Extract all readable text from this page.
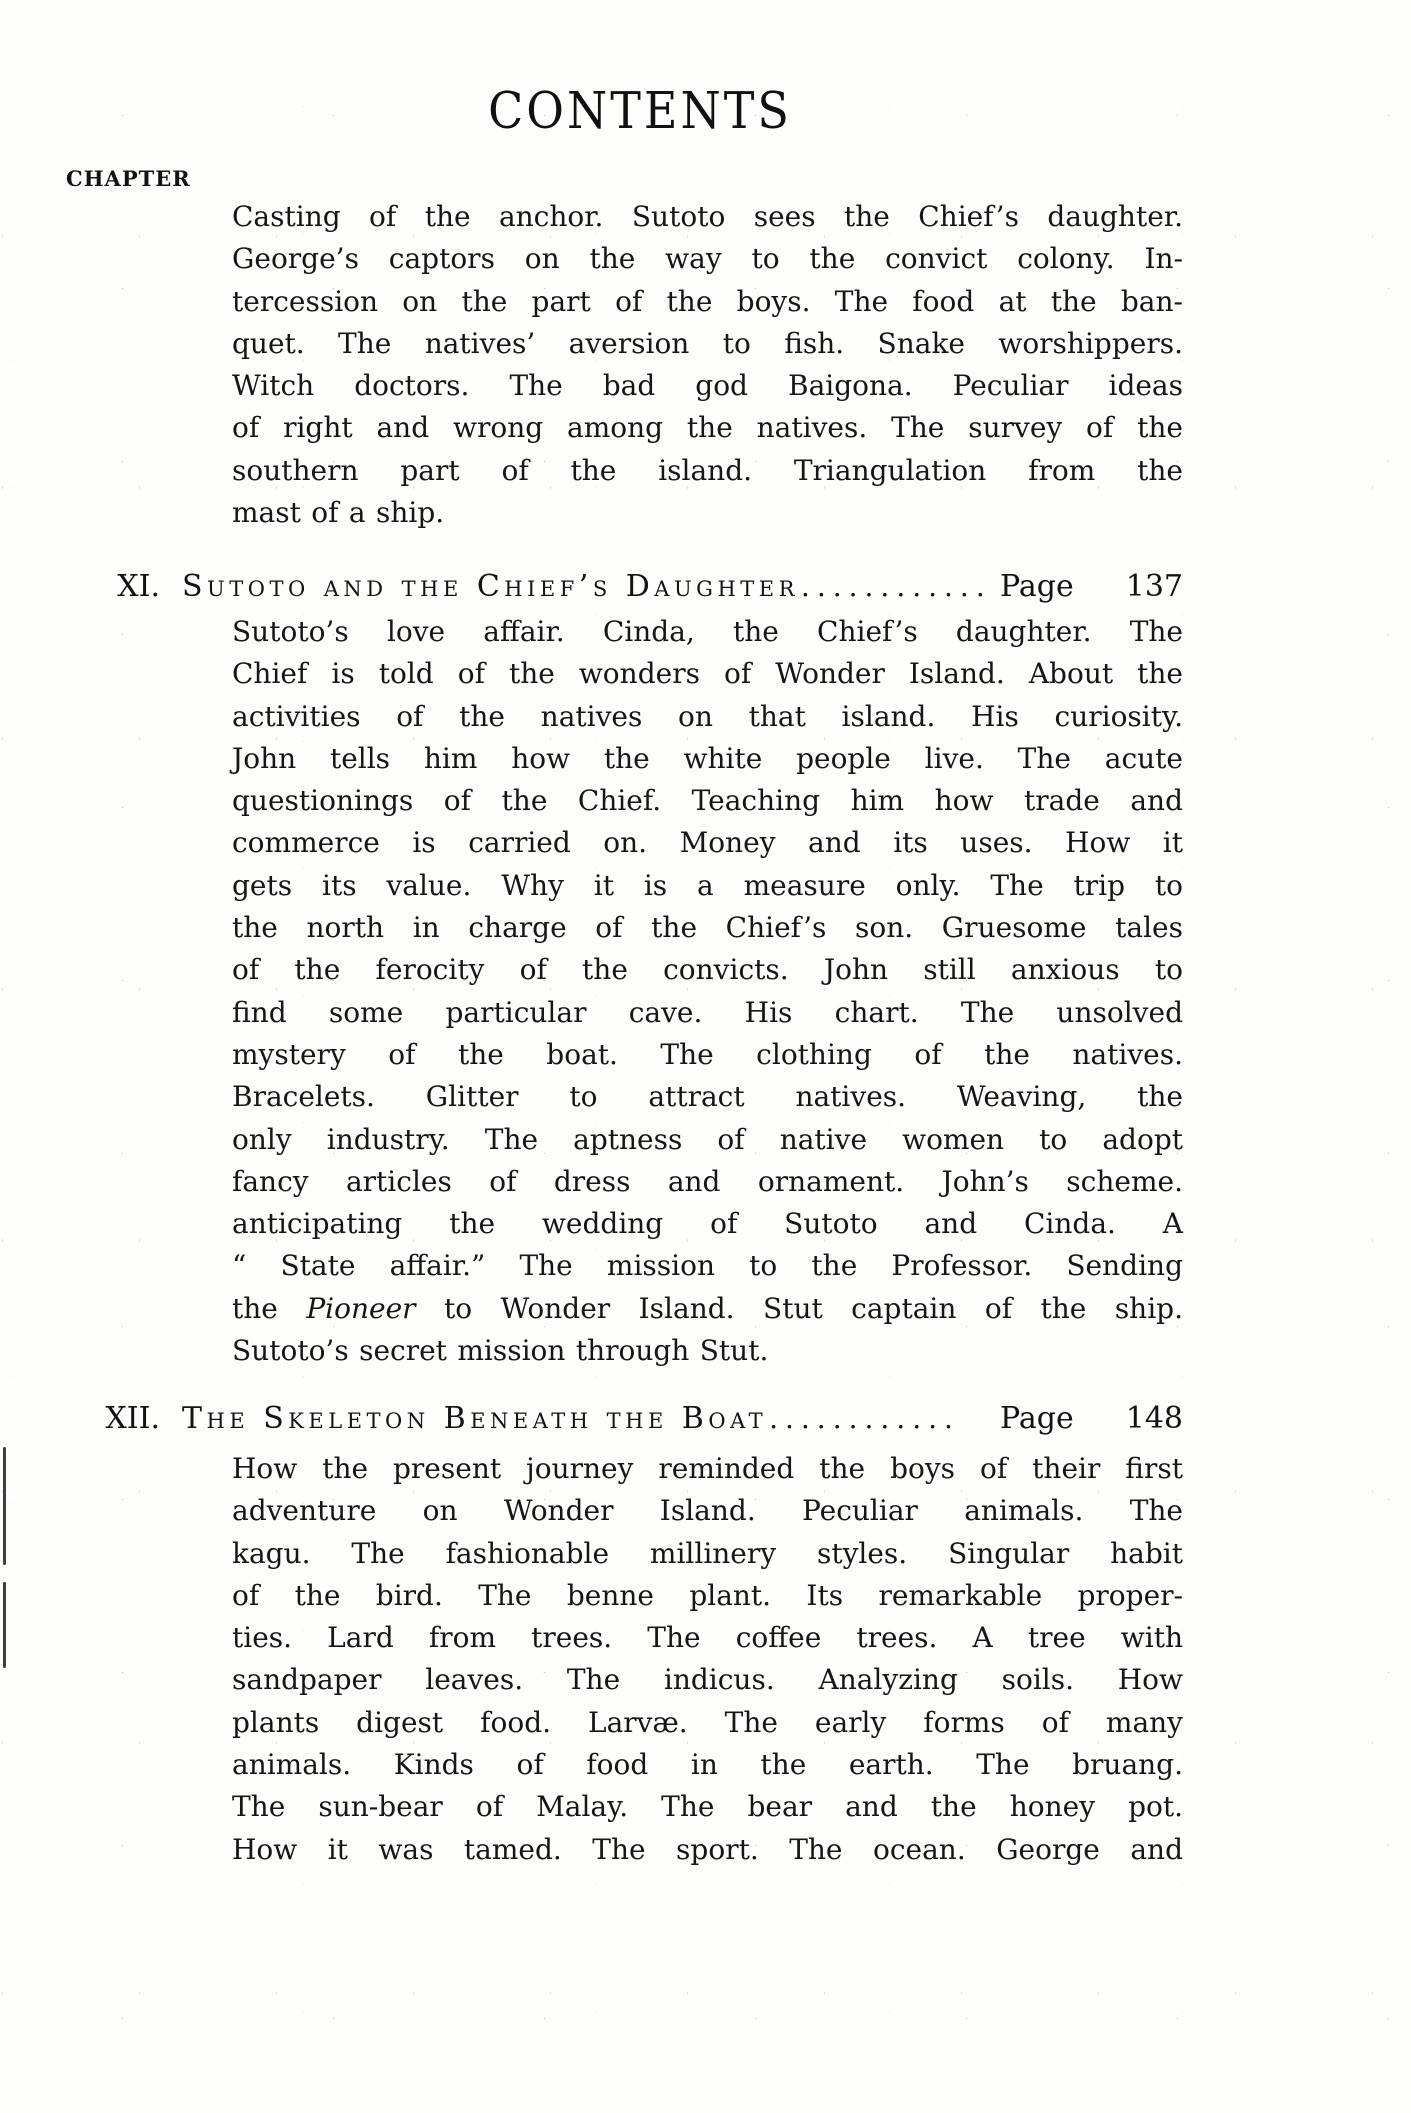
CONTENTS
CHAPTER
Casting of the anchor. Sutoto sees the Chief’s daughter.
George’s captors on the way to the convict colony. In-
tercession on the part of the boys. The food at the ban-
quet. The natives’ aversion to fish. Snake worshippers.
Witch doctors. The bad god Baigona. Peculiar ideas
of right and wrong among the natives. The survey of the
southern part of the island. Triangulation from the
mast of a ship.
XI. Sutoto and the Chief’s Daughter ............ Page 137
Sutoto’s love affair. Cinda, the Chief’s daughter. The
Chief is told of the wonders of Wonder Island. About the
activities of the natives on that island. His curiosity.
John tells him how the white people live. The acute
questionings of the Chief. Teaching him how trade and
commerce is carried on. Money and its uses. How it
gets its value. Why it is a measure only. The trip to
the north in charge of the Chief’s son. Gruesome tales
of the ferocity of the convicts. John still anxious to
find some particular cave. His chart. The unsolved
mystery of the boat. The clothing of the natives.
Bracelets. Glitter to attract natives. Weaving, the
only industry. The aptness of native women to adopt
fancy articles of dress and ornament. John’s scheme.
anticipating the wedding of Sutoto and Cinda. A
“ State affair.” The mission to the Professor. Sending
the Pioneer to Wonder Island. Stut captain of the ship.
Sutoto’s secret mission through Stut.
XII. The Skeleton Beneath the Boat ............	Page 148
How the present journey reminded the boys of their first
adventure on Wonder Island. Peculiar animals. The
kagu. The fashionable millinery styles. Singular habit
of the bird. The benne plant. Its remarkable proper-
ties. Lard from trees. The coffee trees. A tree with
sandpaper leaves. The indicus. Analyzing soils. How
plants digest food. Larvæ. The early forms of many
animals. Kinds of food in the earth. The bruang.
The sun-bear of Malay. The bear and the honey pot.
How it was tamed. The sport. The ocean. George and
